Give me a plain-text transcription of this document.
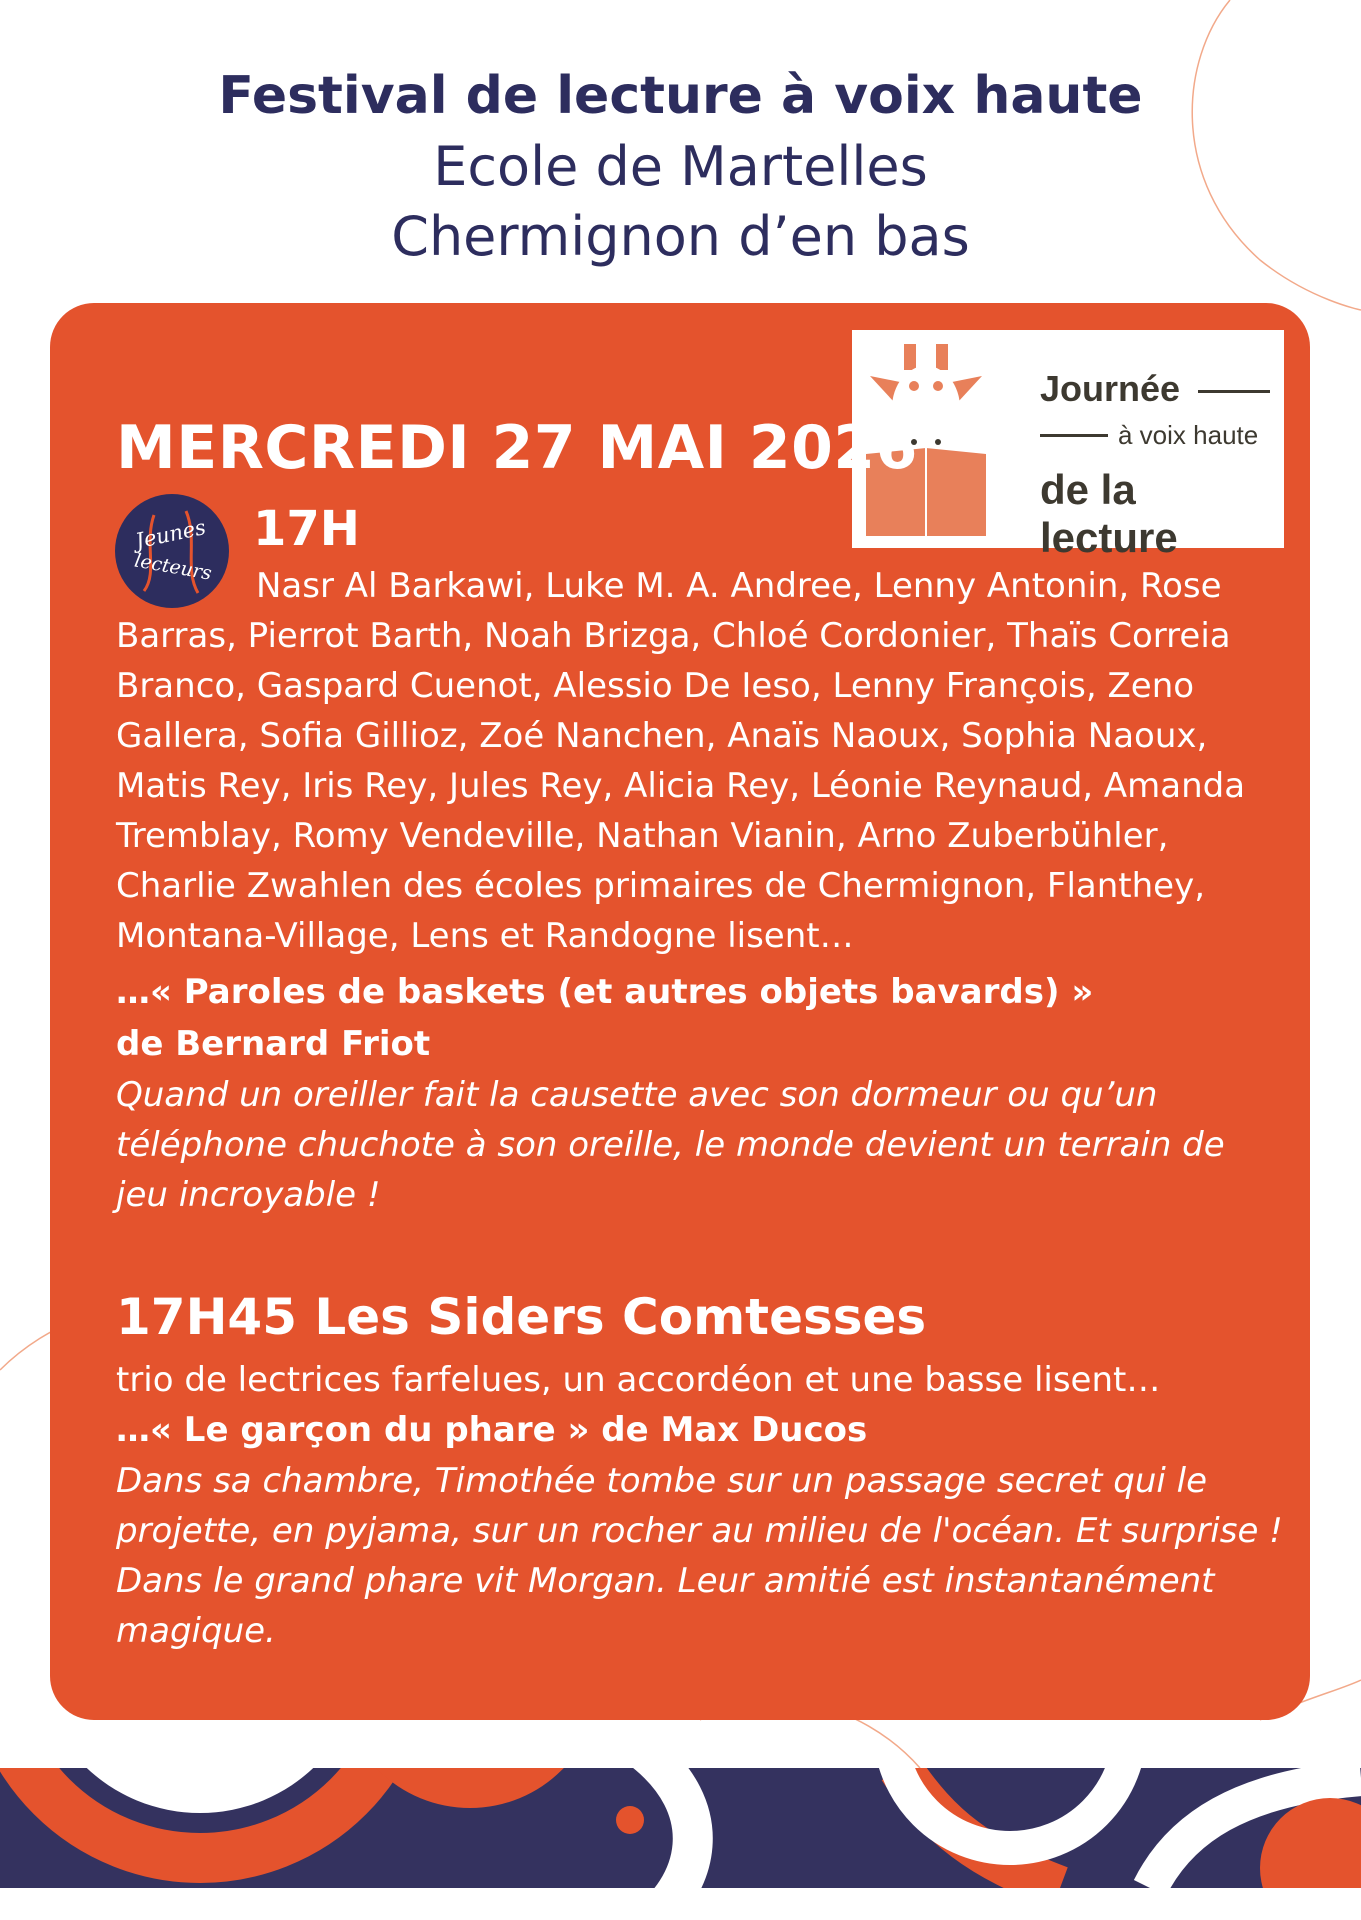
Festival de lecture à voix haute
Ecole de Martelles
Chermignon d’en bas
Journée
à voix haute
de la lecture
MERCREDI 27 MAI 2026
Jeunes
lecteurs
17H
Nasr Al Barkawi, Luke M. A. Andree, Lenny Antonin, Rose Barras, Pierrot Barth, Noah Brizga, Chloé Cordonier, Thaïs Correia Branco, Gaspard Cuenot, Alessio De Ieso, Lenny François, Zeno Gallera, Sofia Gillioz, Zoé Nanchen, Anaïs Naoux, Sophia Naoux, Matis Rey, Iris Rey, Jules Rey, Alicia Rey, Léonie Reynaud, Amanda Tremblay, Romy Vendeville, Nathan Vianin, Arno Zuberbühler, Charlie Zwahlen des écoles primaires de Chermignon, Flanthey, Montana-Village, Lens et Randogne lisent…
…« Paroles de baskets (et autres objets bavards) »
de Bernard Friot
Quand un oreiller fait la causette avec son dormeur ou qu’un téléphone chuchote à son oreille, le monde devient un terrain de jeu incroyable !
17H45 Les Siders Comtesses
trio de lectrices farfelues, un accordéon et une basse lisent…
…« Le garçon du phare » de Max Ducos
Dans sa chambre, Timothée tombe sur un passage secret qui le projette, en pyjama, sur un rocher au milieu de l'océan. Et surprise ! Dans le grand phare vit Morgan. Leur amitié est instantanément magique.
